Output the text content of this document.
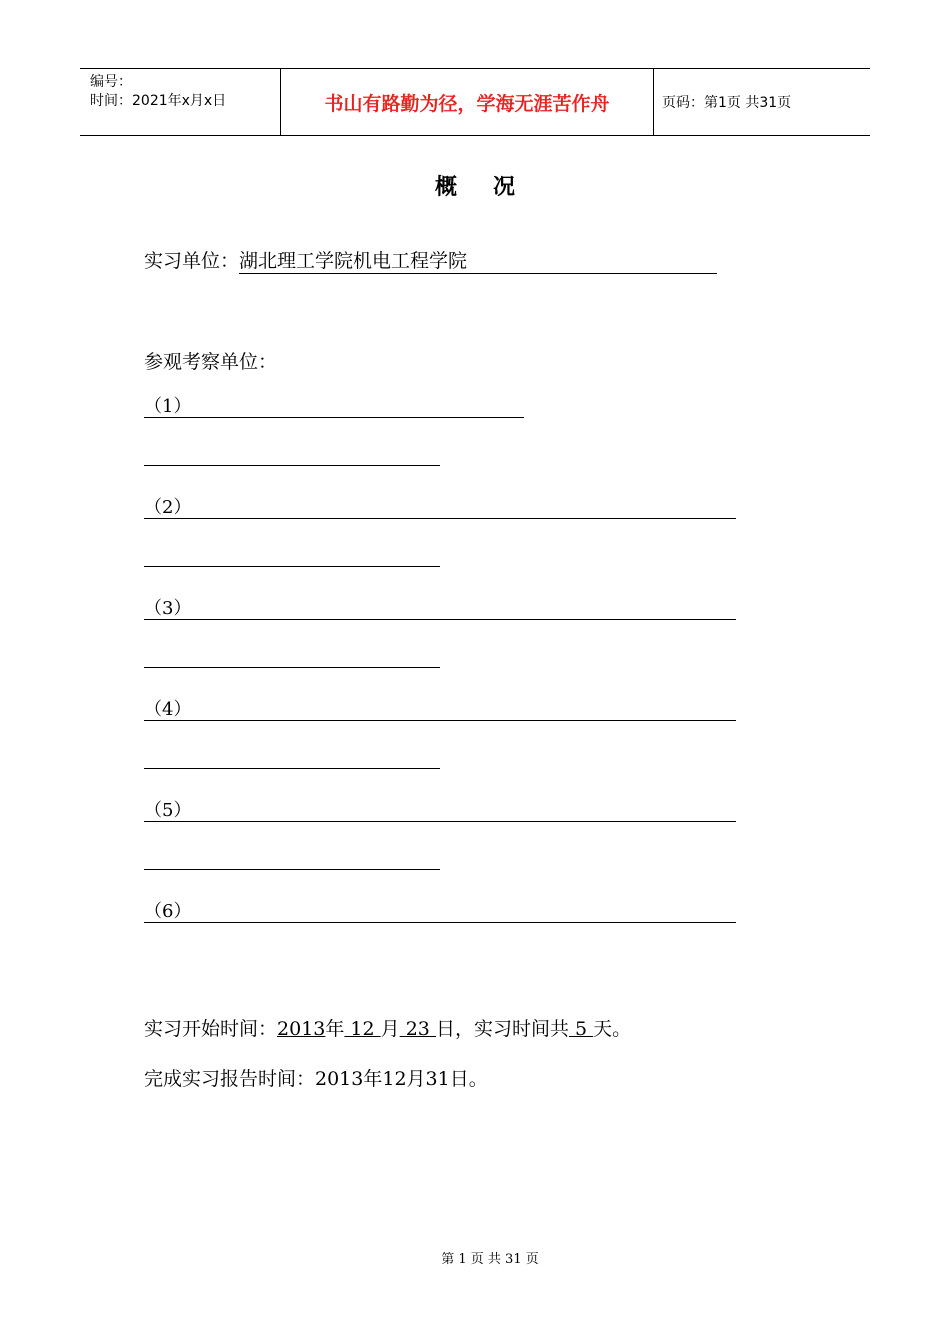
编号：
时间：2021年x月x日	书山有路勤为径，学海无涯苦作舟	页码：第1页 共31页
概况
实习单位：湖北理工学院机电工程学院
参观考察单位：
（1）
（2）
（3）
（4）
（5）
（6）
实习开始时间：2013年 12 月 23 日，实习时间共 5 天。
完成实习报告时间：2013年12月31日。
第 1 页 共 31 页
